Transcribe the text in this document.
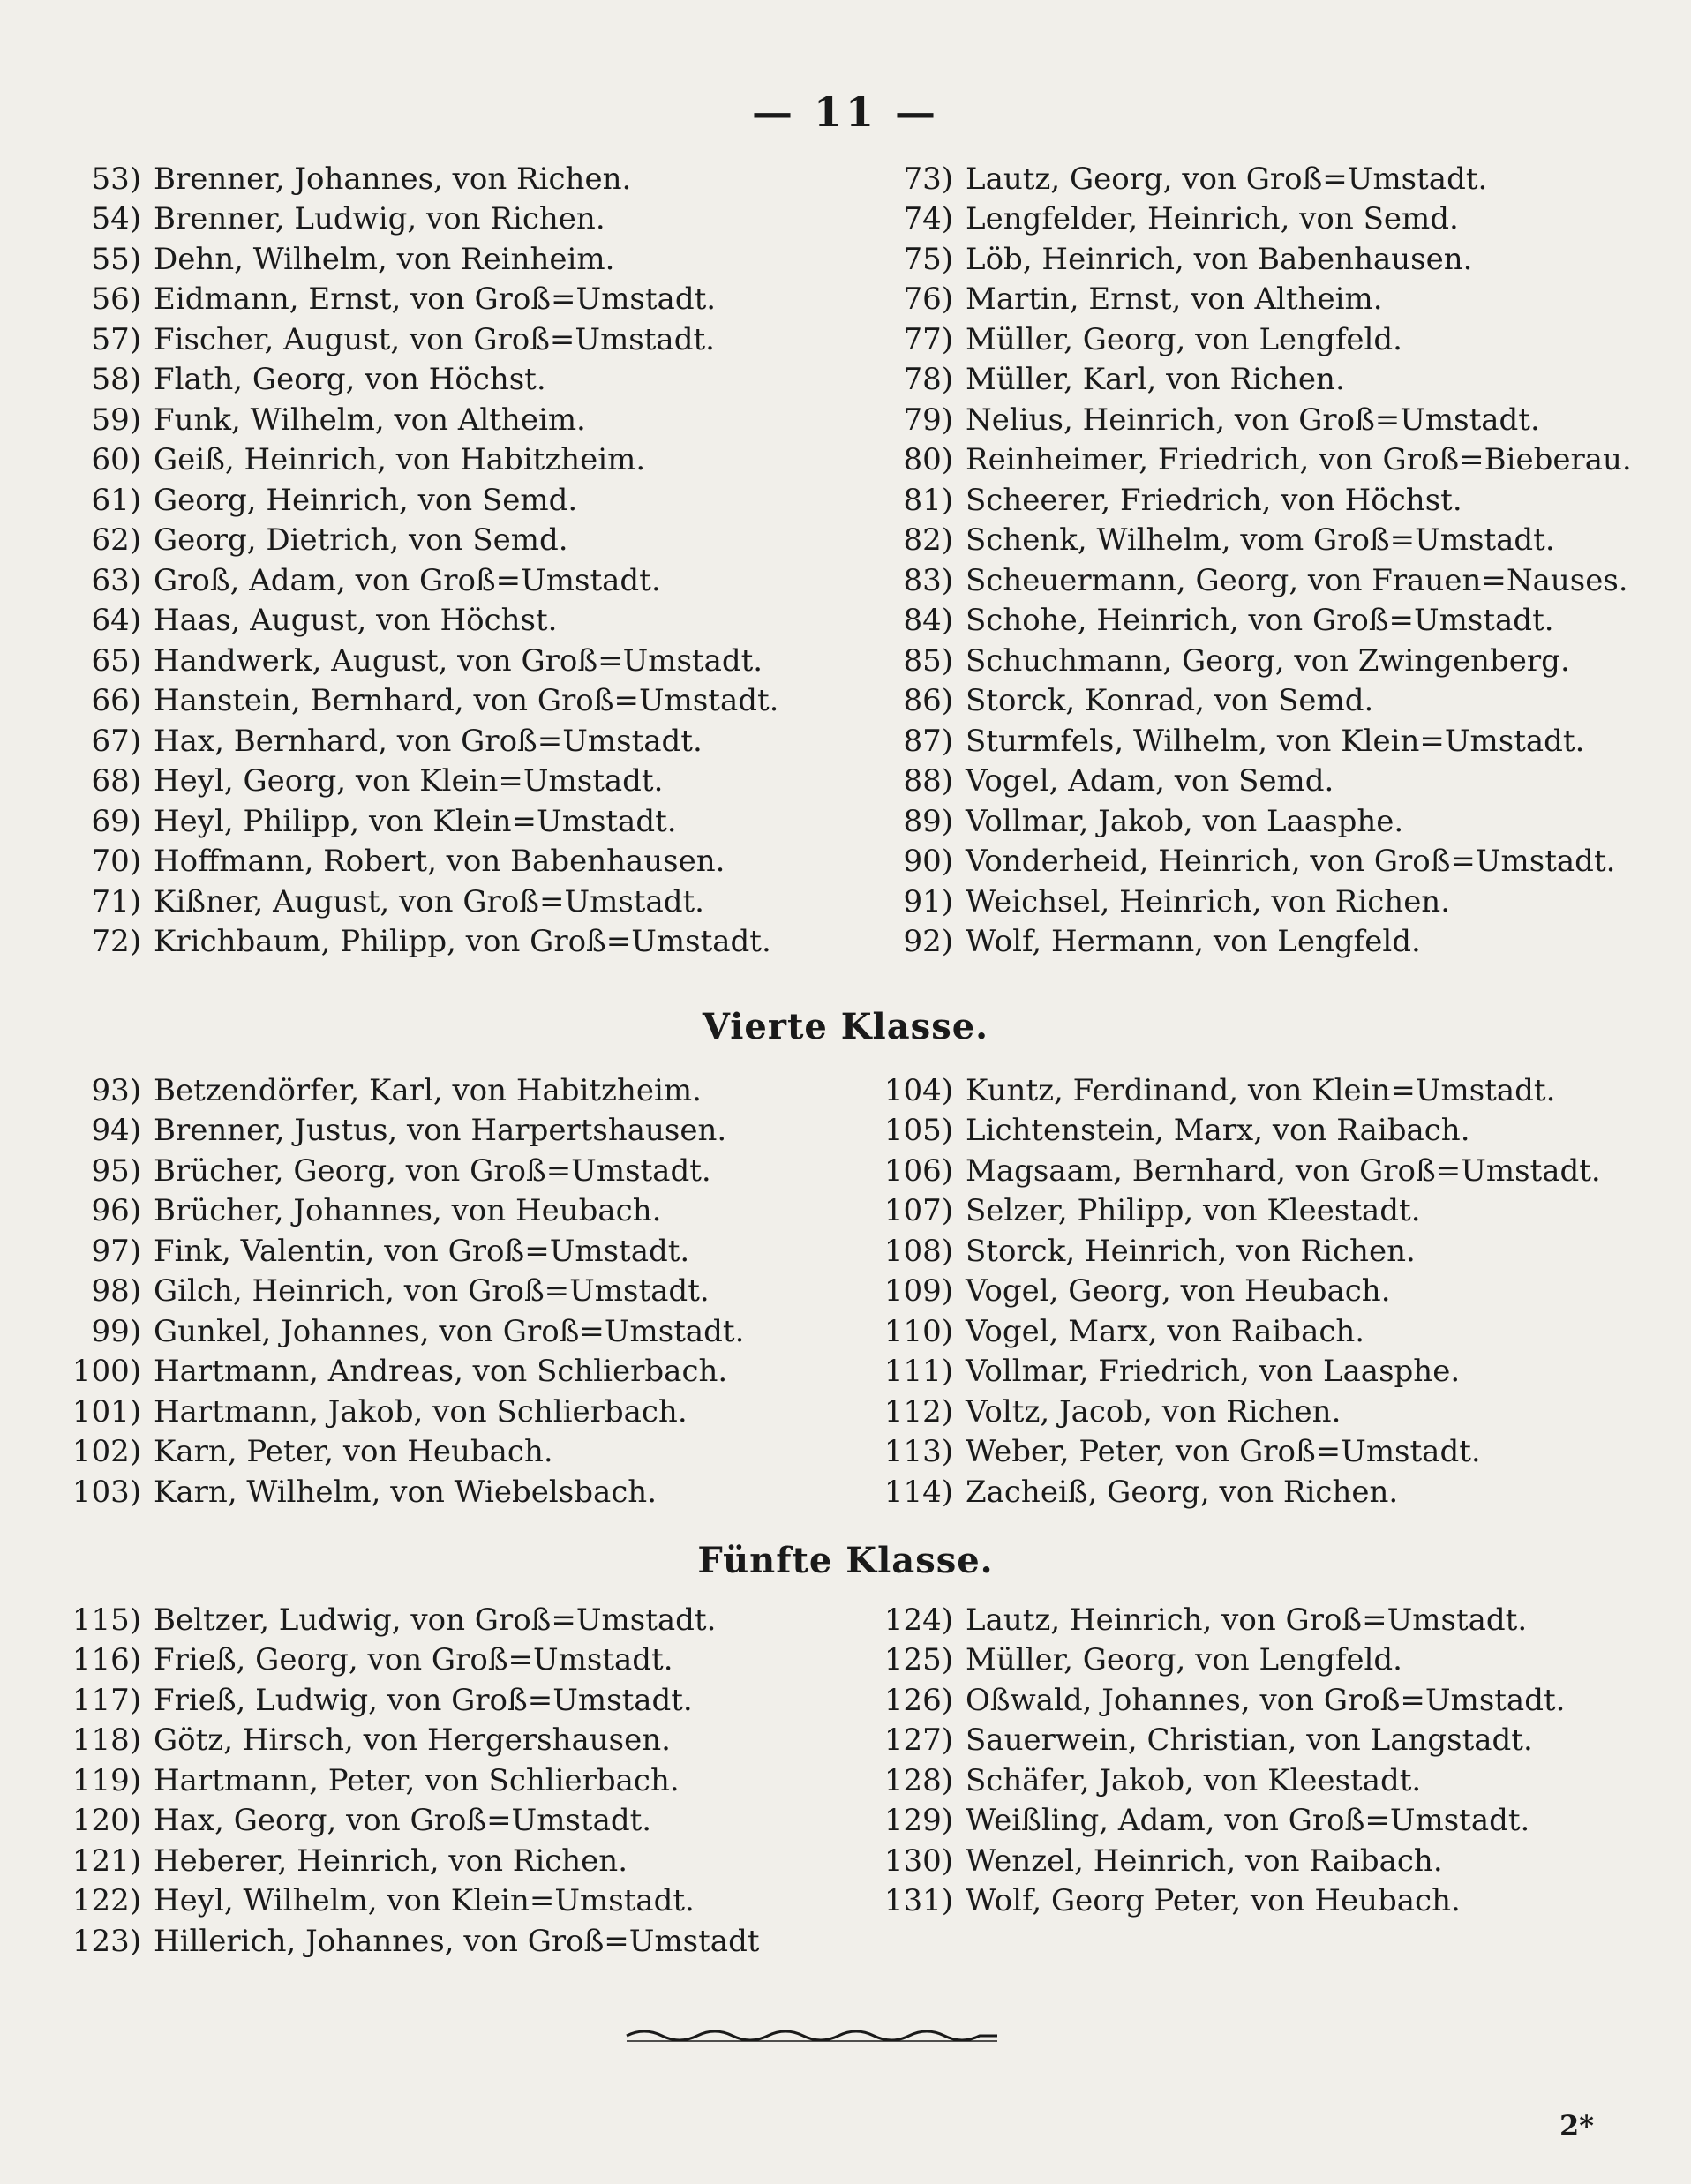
— 11 —
53) Brenner, Johannes, von Richen.
54) Brenner, Ludwig, von Richen.
55) Dehn, Wilhelm, von Reinheim.
56) Eidmann, Ernst, von Groß=Umstadt.
57) Fischer, August, von Groß=Umstadt.
58) Flath, Georg, von Höchst.
59) Funk, Wilhelm, von Altheim.
60) Geiß, Heinrich, von Habitzheim.
61) Georg, Heinrich, von Semd.
62) Georg, Dietrich, von Semd.
63) Groß, Adam, von Groß=Umstadt.
64) Haas, August, von Höchst.
65) Handwerk, August, von Groß=Umstadt.
66) Hanstein, Bernhard, von Groß=Umstadt.
67) Hax, Bernhard, von Groß=Umstadt.
68) Heyl, Georg, von Klein=Umstadt.
69) Heyl, Philipp, von Klein=Umstadt.
70) Hoffmann, Robert, von Babenhausen.
71) Kißner, August, von Groß=Umstadt.
72) Krichbaum, Philipp, von Groß=Umstadt.
73) Lautz, Georg, von Groß=Umstadt.
74) Lengfelder, Heinrich, von Semd.
75) Löb, Heinrich, von Babenhausen.
76) Martin, Ernst, von Altheim.
77) Müller, Georg, von Lengfeld.
78) Müller, Karl, von Richen.
79) Nelius, Heinrich, von Groß=Umstadt.
80) Reinheimer, Friedrich, von Groß=Bieberau.
81) Scheerer, Friedrich, von Höchst.
82) Schenk, Wilhelm, vom Groß=Umstadt.
83) Scheuermann, Georg, von Frauen=Nauses.
84) Schohe, Heinrich, von Groß=Umstadt.
85) Schuchmann, Georg, von Zwingenberg.
86) Storck, Konrad, von Semd.
87) Sturmfels, Wilhelm, von Klein=Umstadt.
88) Vogel, Adam, von Semd.
89) Vollmar, Jakob, von Laasphe.
90) Vonderheid, Heinrich, von Groß=Umstadt.
91) Weichsel, Heinrich, von Richen.
92) Wolf, Hermann, von Lengfeld.
Vierte Klasse.
93) Betzendörfer, Karl, von Habitzheim.
94) Brenner, Justus, von Harpertshausen.
95) Brücher, Georg, von Groß=Umstadt.
96) Brücher, Johannes, von Heubach.
97) Fink, Valentin, von Groß=Umstadt.
98) Gilch, Heinrich, von Groß=Umstadt.
99) Gunkel, Johannes, von Groß=Umstadt.
100) Hartmann, Andreas, von Schlierbach.
101) Hartmann, Jakob, von Schlierbach.
102) Karn, Peter, von Heubach.
103) Karn, Wilhelm, von Wiebelsbach.
104) Kuntz, Ferdinand, von Klein=Umstadt.
105) Lichtenstein, Marx, von Raibach.
106) Magsaam, Bernhard, von Groß=Umstadt.
107) Selzer, Philipp, von Kleestadt.
108) Storck, Heinrich, von Richen.
109) Vogel, Georg, von Heubach.
110) Vogel, Marx, von Raibach.
111) Vollmar, Friedrich, von Laasphe.
112) Voltz, Jacob, von Richen.
113) Weber, Peter, von Groß=Umstadt.
114) Zacheiß, Georg, von Richen.
Fünfte Klasse.
115) Beltzer, Ludwig, von Groß=Umstadt.
116) Frieß, Georg, von Groß=Umstadt.
117) Frieß, Ludwig, von Groß=Umstadt.
118) Götz, Hirsch, von Hergershausen.
119) Hartmann, Peter, von Schlierbach.
120) Hax, Georg, von Groß=Umstadt.
121) Heberer, Heinrich, von Richen.
122) Heyl, Wilhelm, von Klein=Umstadt.
123) Hillerich, Johannes, von Groß=Umstadt
124) Lautz, Heinrich, von Groß=Umstadt.
125) Müller, Georg, von Lengfeld.
126) Oßwald, Johannes, von Groß=Umstadt.
127) Sauerwein, Christian, von Langstadt.
128) Schäfer, Jakob, von Kleestadt.
129) Weißling, Adam, von Groß=Umstadt.
130) Wenzel, Heinrich, von Raibach.
131) Wolf, Georg Peter, von Heubach.
2*
